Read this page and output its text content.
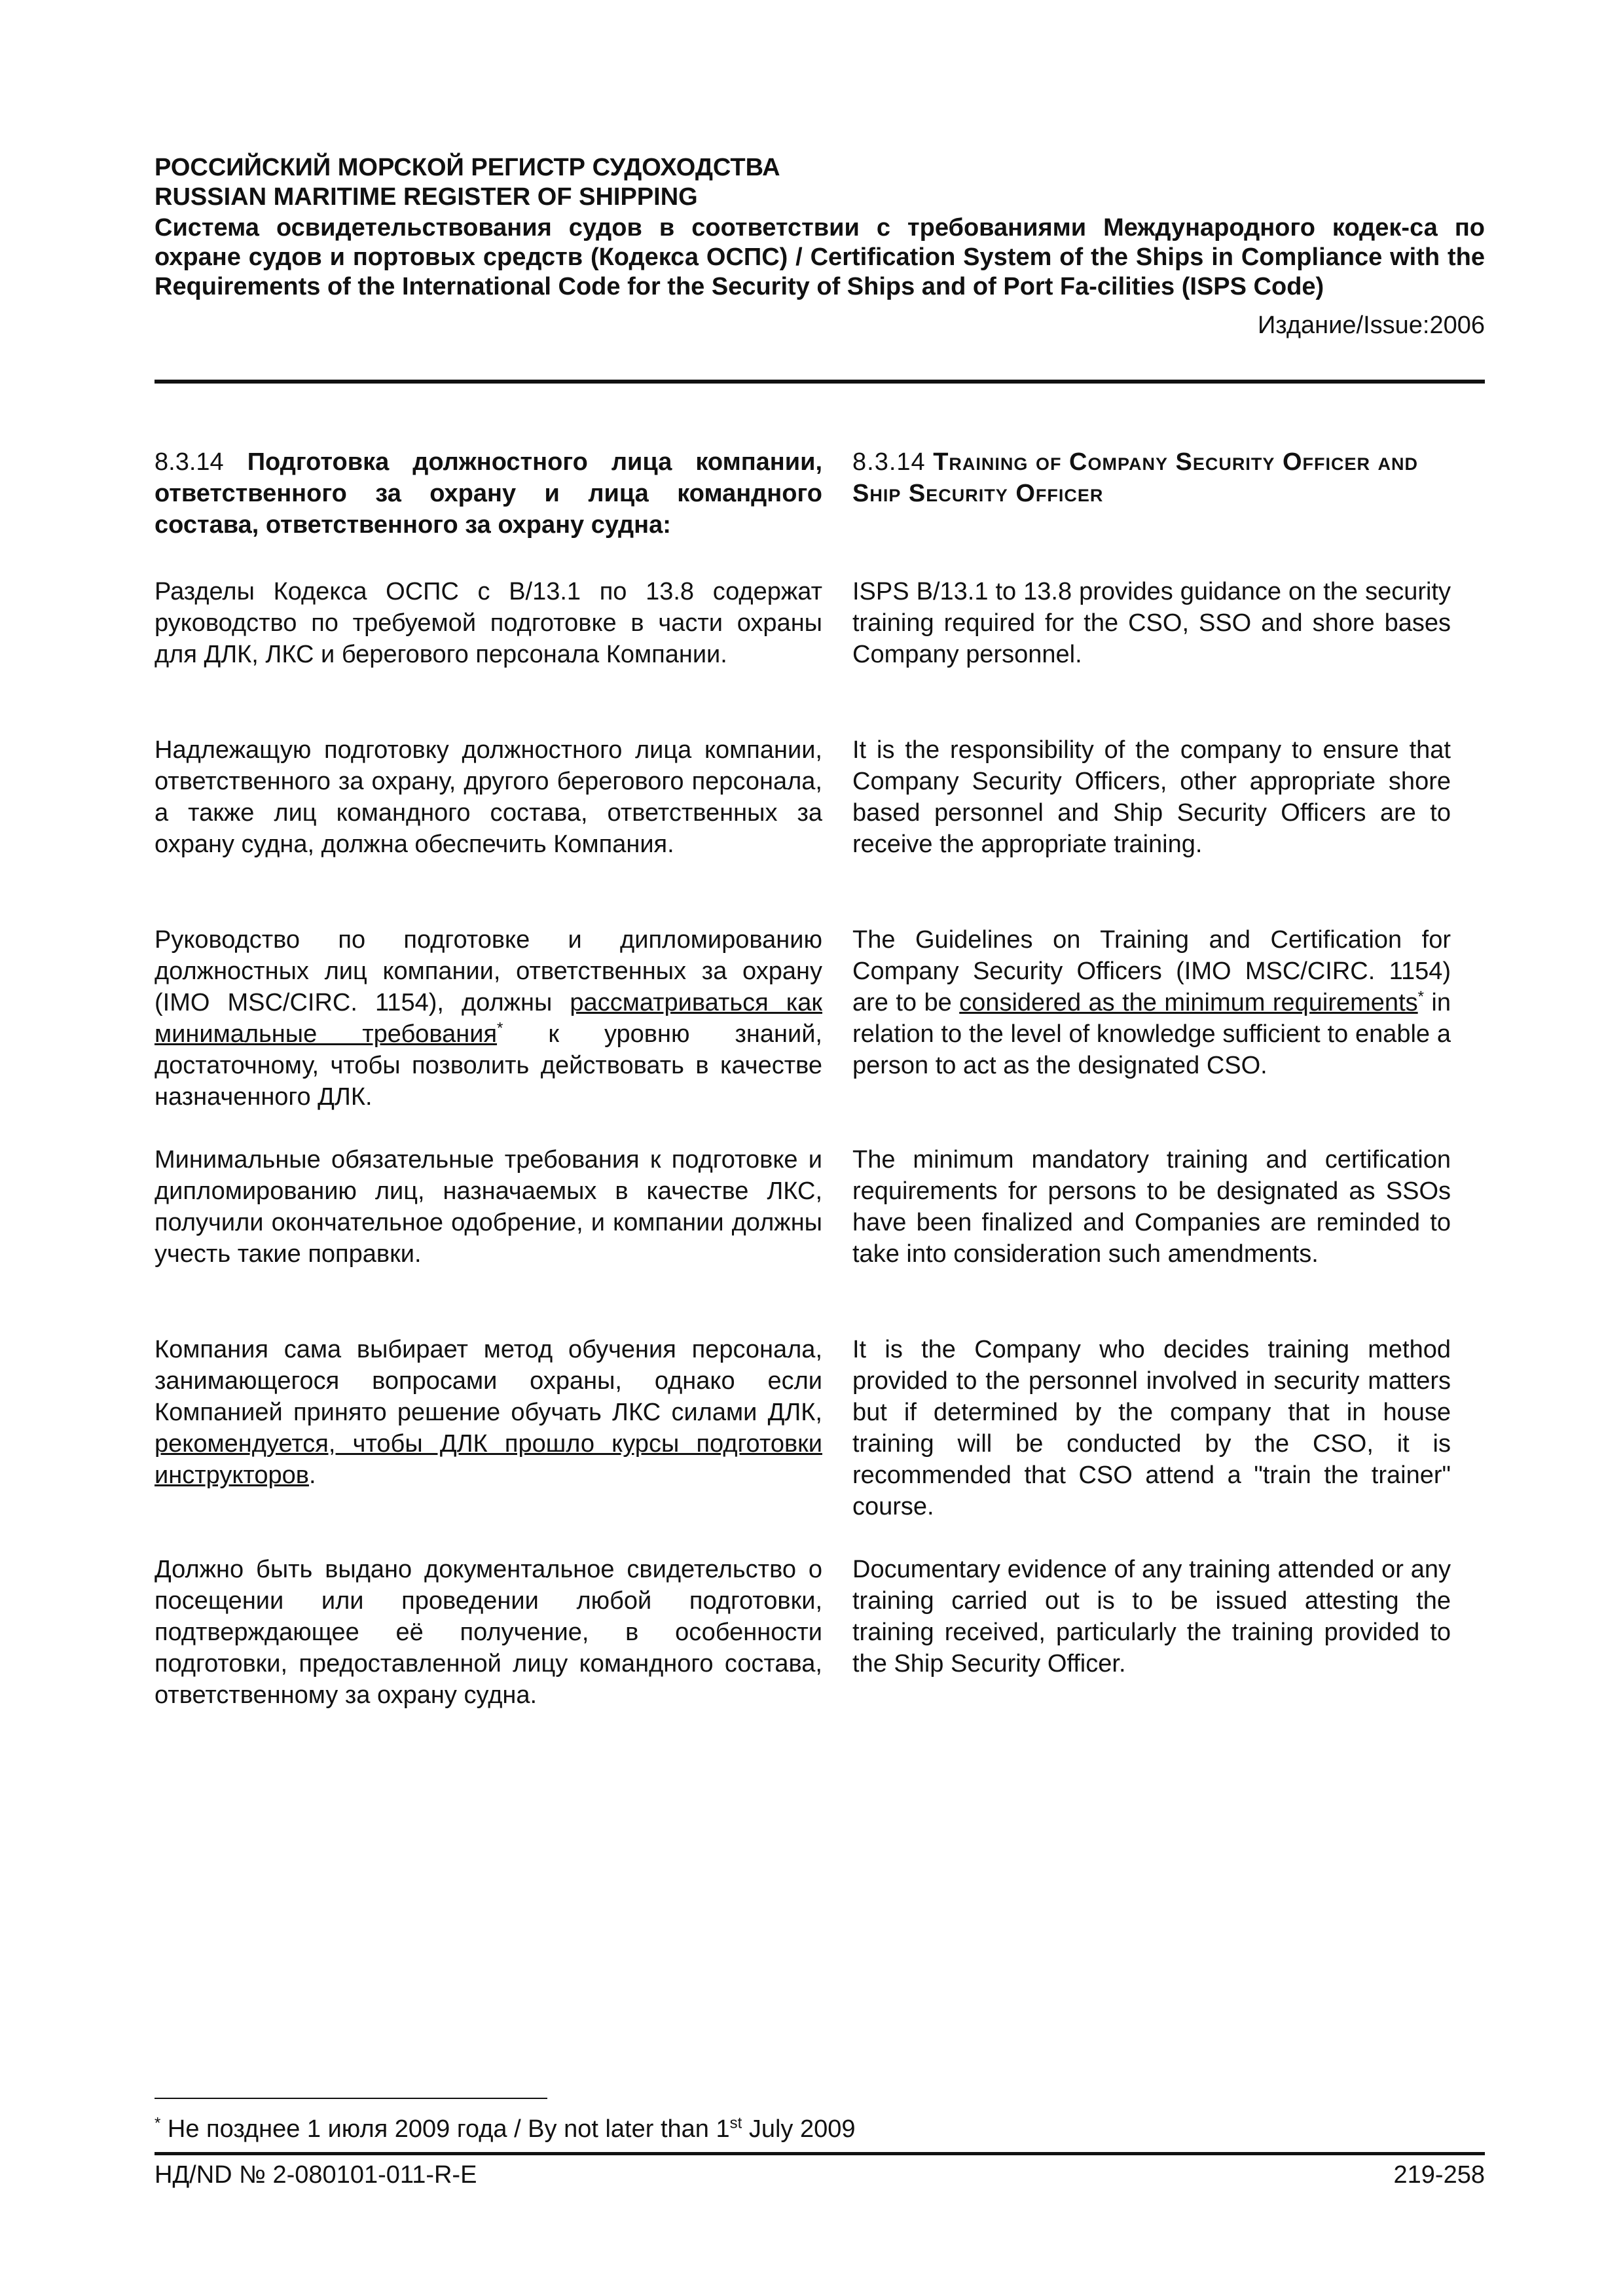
РОССИЙСКИЙ МОРСКОЙ РЕГИСТР СУДОХОДСТВА
RUSSIAN MARITIME REGISTER OF SHIPPING
Система освидетельствования судов в соответствии с требованиями Международного кодек-са по охране судов и портовых средств (Кодекса ОСПС) / Certification System of the Ships in Compliance with the Requirements of the International Code for the Security of Ships and of Port Fa-cilities (ISPS Code)
Издание/Issue:2006
8.3.14 Подготовка должностного лица компании, ответственного за охрану и лица командного состава, ответственного за охрану судна:
8.3.14 Training of Company Security Officer and Ship Security Officer
Разделы Кодекса ОСПС с В/13.1 по 13.8 содержат руководство по требуемой подготовке в части охраны для ДЛК, ЛКС и берегового персонала Компании.
ISPS B/13.1 to 13.8 provides guidance on the security training required for the CSO, SSO and shore bases Company personnel.
Надлежащую подготовку должностного лица компании, ответственного за охрану, другого берегового персонала, а также лиц командного состава, ответственных за охрану судна, должна обеспечить Компания.
It is the responsibility of the company to ensure that Company Security Officers, other appropriate shore based personnel and Ship Security Officers are to receive the appropriate training.
Руководство по подготовке и дипломированию должностных лиц компании, ответственных за охрану (IMO MSC/CIRC. 1154), должны рассматриваться как минимальные требования* к уровню знаний, достаточному, чтобы позволить действовать в качестве назначенного ДЛК.
The Guidelines on Training and Certification for Company Security Officers (IMO MSC/CIRC. 1154) are to be considered as the minimum requirements* in relation to the level of knowledge sufficient to enable a person to act as the designated CSO.
Минимальные обязательные требования к подготовке и дипломированию лиц, назначаемых в качестве ЛКС, получили окончательное одобрение, и компании должны учесть такие поправки.
The minimum mandatory training and certification requirements for persons to be designated as SSOs have been finalized and Companies are reminded to take into consideration such amendments.
Компания сама выбирает метод обучения персонала, занимающегося вопросами охраны, однако если Компанией принято решение обучать ЛКС силами ДЛК, рекомендуется, чтобы ДЛК прошло курсы подготовки инструкторов.
It is the Company who decides training method provided to the personnel involved in security matters but if determined by the company that in house training will be conducted by the CSO, it is recommended that CSO attend a "train the trainer" course.
Должно быть выдано документальное свидетельство о посещении или проведении любой подготовки, подтверждающее её получение, в особенности подготовки, предоставленной лицу командного состава, ответственному за охрану судна.
Documentary evidence of any training attended or any training carried out is to be issued attesting the training received, particularly the training provided to the Ship Security Officer.
* Не позднее 1 июля 2009 года / By not later than 1st July 2009
НД/ND № 2-080101-011-R-E	219-258
